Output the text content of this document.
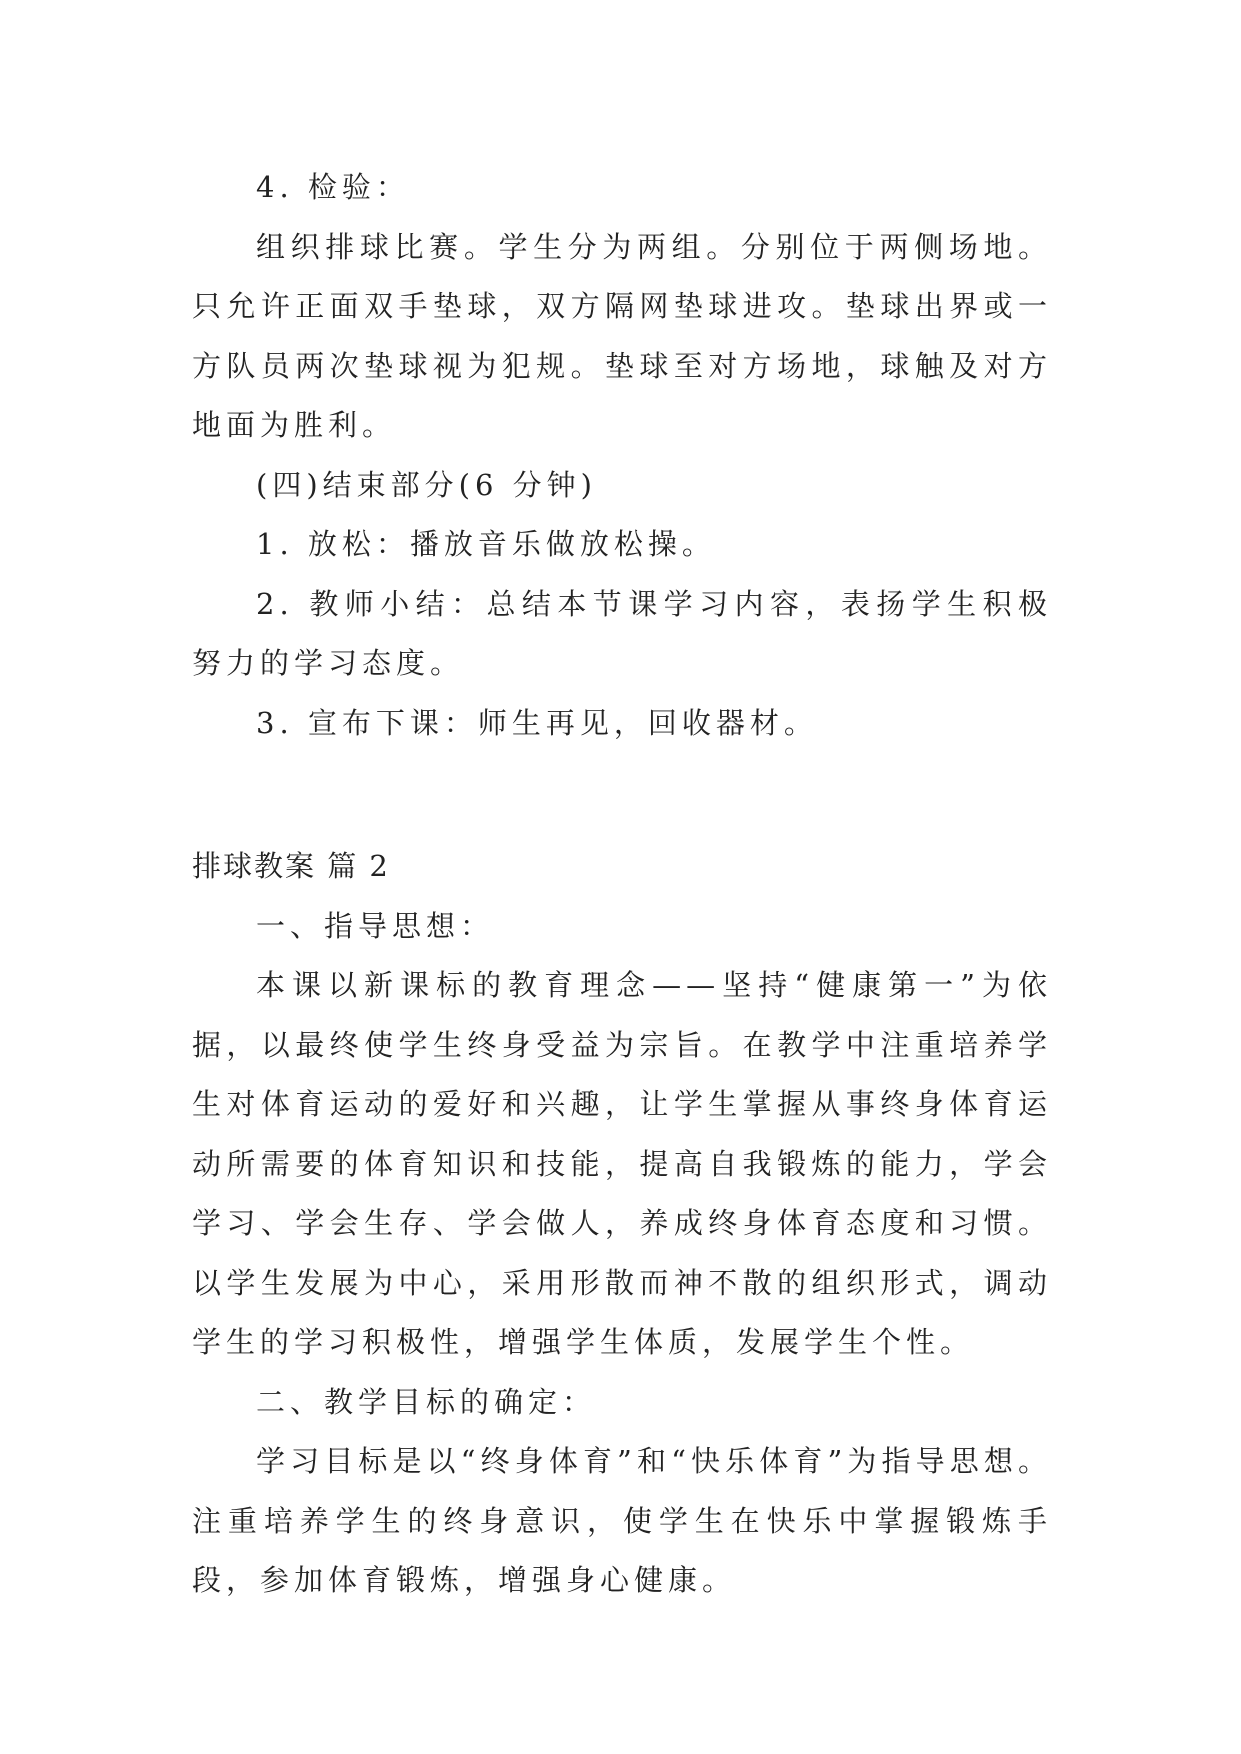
4. 检验：

组织排球比赛。学生分为两组。分别位于两侧场地。只允许正面双手垫球，双方隔网垫球进攻。垫球出界或一方队员两次垫球视为犯规。垫球至对方场地，球触及对方地面为胜利。

(四)结束部分(6 分钟)

1. 放松：播放音乐做放松操。

2. 教师小结：总结本节课学习内容，表扬学生积极努力的学习态度。

3. 宣布下课：师生再见，回收器材。

排球教案 篇 2

一、指导思想：

本课以新课标的教育理念——坚持“健康第一”为依据，以最终使学生终身受益为宗旨。在教学中注重培养学生对体育运动的爱好和兴趣，让学生掌握从事终身体育运动所需要的体育知识和技能，提高自我锻炼的能力，学会学习、学会生存、学会做人，养成终身体育态度和习惯。以学生发展为中心，采用形散而神不散的组织形式，调动学生的学习积极性，增强学生体质，发展学生个性。

二、教学目标的确定：

学习目标是以“终身体育”和“快乐体育”为指导思想。注重培养学生的终身意识，使学生在快乐中掌握锻炼手段，参加体育锻炼，增强身心健康。
